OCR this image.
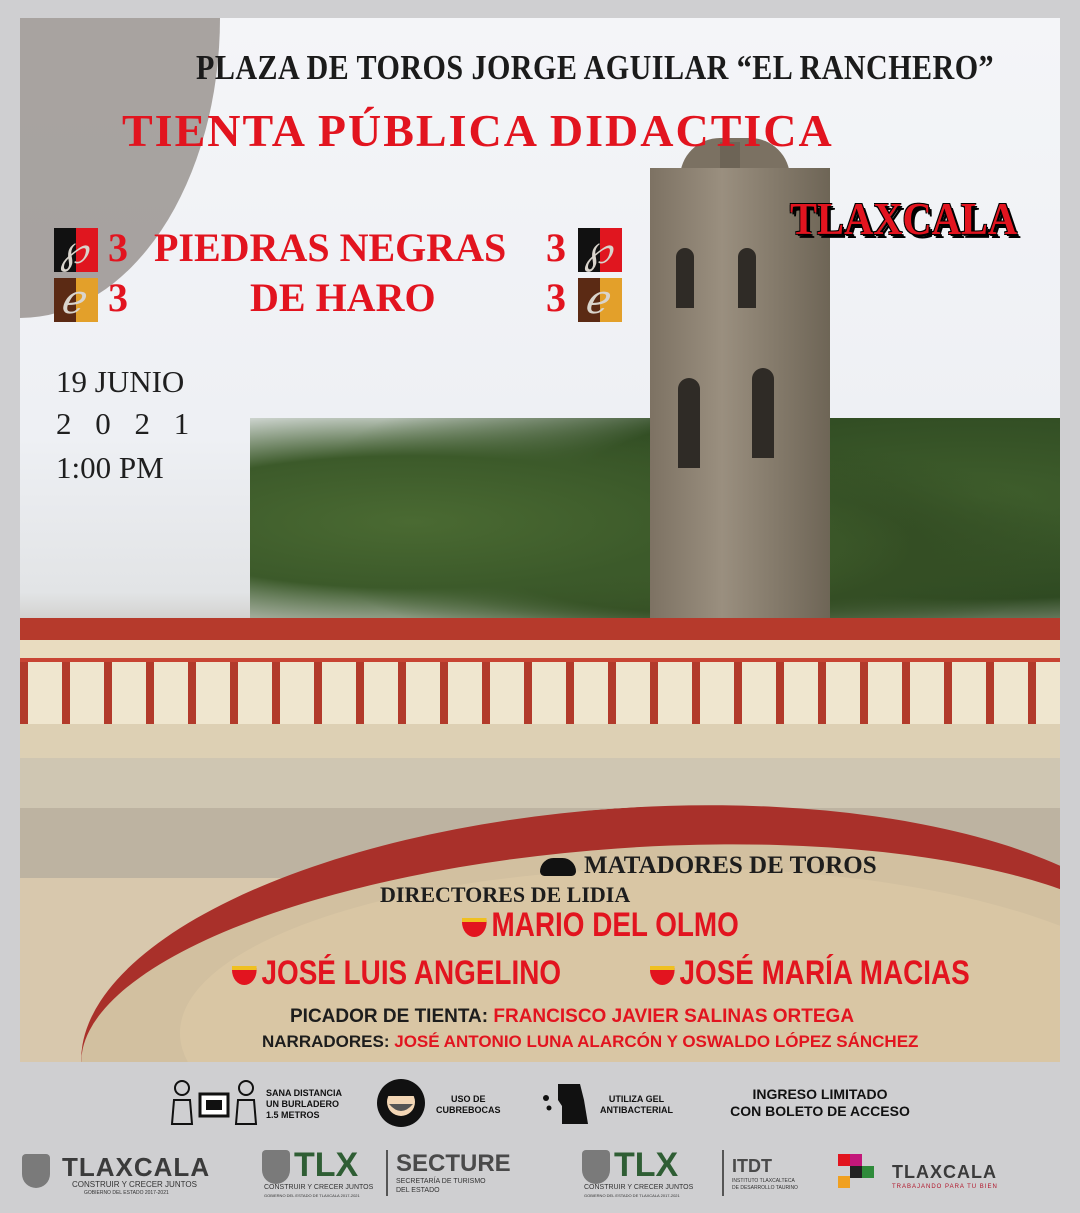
PLAZA DE TOROS JORGE AGUILAR “EL RANCHERO”
TIENTA PÚBLICA DIDACTICA
TLAXCALA
℘ 3 PIEDRAS NEGRAS 3 ℘
ℯ 3	DE HARO	3 ℯ
19 JUNIO
2 0 2 1
1:00 PM
MATADORES DE TOROS
DIRECTORES DE LIDIA
MARIO DEL OLMO
JOSÉ LUIS ANGELINO	JOSÉ MARÍA MACIAS
PICADOR DE TIENTA: FRANCISCO JAVIER SALINAS ORTEGA
NARRADORES: JOSÉ ANTONIO LUNA ALARCÓN Y OSWALDO LÓPEZ SÁNCHEZ
SANA DISTANCIA
UN BURLADERO
1.5 METROS
USO DE
CUBREBOCAS
UTILIZA GEL
ANTIBACTERIAL
INGRESO LIMITADO
CON BOLETO DE ACCESO
TLAXCALA
CONSTRUIR Y CRECER JUNTOS
GOBIERNO DEL ESTADO 2017-2021
TLX
CONSTRUIR Y CRECER JUNTOS
GOBIERNO DEL ESTADO DE TLAXCALA 2017-2021
SECTURE
SECRETARÍA DE TURISMO
DEL ESTADO
TLX
CONSTRUIR Y CRECER JUNTOS
GOBIERNO DEL ESTADO DE TLAXCALA 2017-2021
ITDT
INSTITUTO TLAXCALTECA
DE DESARROLLO TAURINO
TLAXCALA
TRABAJANDO PARA TU BIEN
